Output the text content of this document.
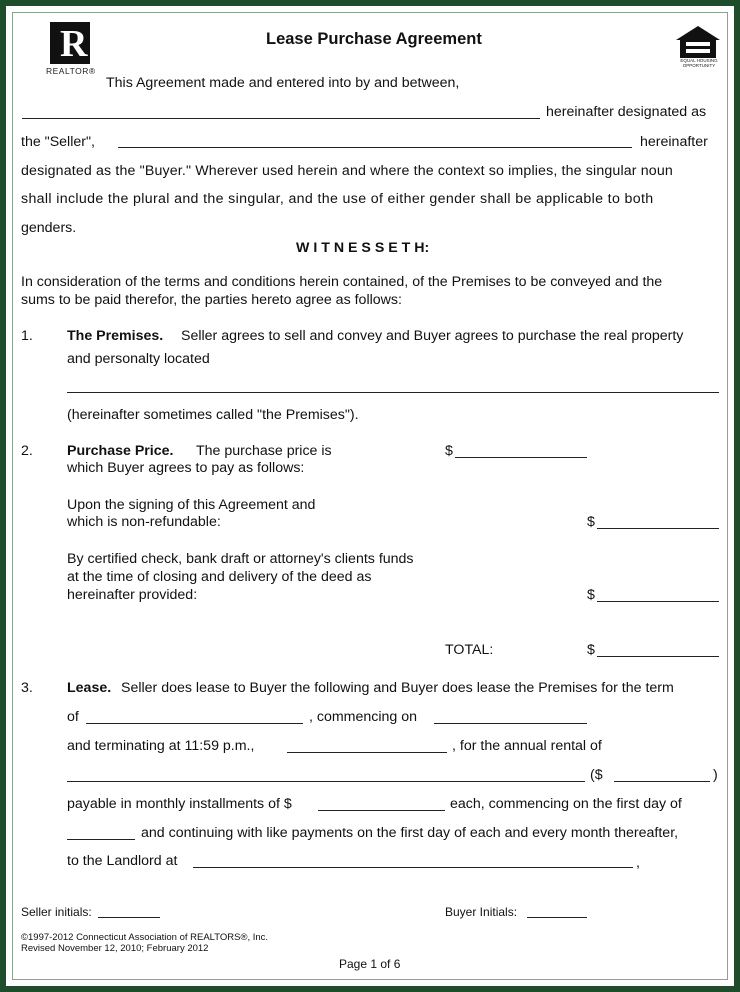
R
REALTOR®
EQUAL HOUSING OPPORTUNITY
Lease Purchase Agreement
This Agreement made and entered into by and between,
hereinafter designated as
the "Seller",	hereinafter
designated as the "Buyer." Wherever used herein and where the context so implies, the singular noun
shall include the plural and the singular, and the use of either gender shall be applicable to both
genders.
W I T N E S S E T H:
In consideration of the terms and conditions herein contained, of the Premises to be conveyed and the
sums to be paid therefor, the parties hereto agree as follows:
1. The Premises. Seller agrees to sell and convey and Buyer agrees to purchase the real property
and personalty located
(hereinafter sometimes called "the Premises").
2. Purchase Price. The purchase price is
which Buyer agrees to pay as follows:
$
Upon the signing of this Agreement and
which is non-refundable:	$
By certified check, bank draft or attorney's clients funds
at the time of closing and delivery of the deed as
hereinafter provided:	$
TOTAL:	$
3. Lease. Seller does lease to Buyer the following and Buyer does lease the Premises for the term
of	, commencing on
and terminating at 11:59 p.m.,	, for the annual rental of
($	)
payable in monthly installments of $	each, commencing on the first day of
and continuing with like payments on the first day of each and every month thereafter,
to the Landlord at	,
Seller initials:	Buyer Initials:
©1997-2012 Connecticut Association of REALTORS®, Inc.
Revised November 12, 2010; February 2012
Page 1 of 6
